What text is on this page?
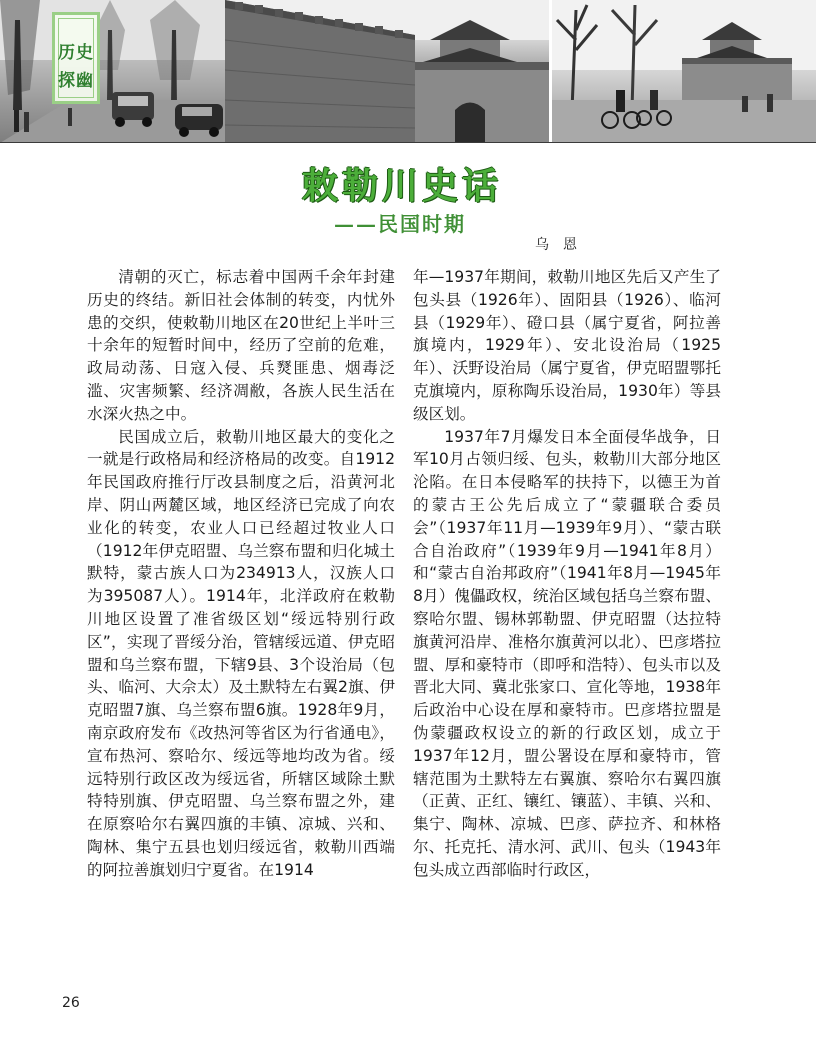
历史
探幽
敕勒川史话
——民国时期
乌恩

清朝的灭亡，标志着中国两千余年封建历史的终结。新旧社会体制的转变，内忧外患的交织，使敕勒川地区在20世纪上半叶三十余年的短暂时间中，经历了空前的危难，政局动荡、日寇入侵、兵燹匪患、烟毒泛滥、灾害频繁、经济凋敝，各族人民生活在水深火热之中。

民国成立后，敕勒川地区最大的变化之一就是行政格局和经济格局的改变。自1912年民国政府推行厅改县制度之后，沿黄河北岸、阴山两麓区域，地区经济已完成了向农业化的转变，农业人口已经超过牧业人口（1912年伊克昭盟、乌兰察布盟和归化城土默特，蒙古族人口为234913人，汉族人口为395087人）。1914年，北洋政府在敕勒川地区设置了准省级区划“绥远特别行政区”，实现了晋绥分治，管辖绥远道、伊克昭盟和乌兰察布盟，下辖9县、3个设治局（包头、临河、大佘太）及土默特左右翼2旗、伊克昭盟7旗、乌兰察布盟6旗。1928年9月，南京政府发布《改热河等省区为行省通电》，宣布热河、察哈尔、绥远等地均改为省。绥远特别行政区改为绥远省，所辖区域除土默特特别旗、伊克昭盟、乌兰察布盟之外，建在原察哈尔右翼四旗的丰镇、凉城、兴和、陶林、集宁五县也划归绥远省，敕勒川西端的阿拉善旗划归宁夏省。在1914

年—1937年期间，敕勒川地区先后又产生了包头县（1926年）、固阳县（1926）、临河县（1929年）、磴口县（属宁夏省，阿拉善旗境内，1929年）、安北设治局（1925年）、沃野设治局（属宁夏省，伊克昭盟鄂托克旗境内，原称陶乐设治局，1930年）等县级区划。

1937年7月爆发日本全面侵华战争，日军10月占领归绥、包头，敕勒川大部分地区沦陷。在日本侵略军的扶持下，以德王为首的蒙古王公先后成立了“蒙疆联合委员会”（1937年11月—1939年9月）、“蒙古联合自治政府”（1939年9月—1941年8月）和“蒙古自治邦政府”（1941年8月—1945年8月）傀儡政权，统治区域包括乌兰察布盟、察哈尔盟、锡林郭勒盟、伊克昭盟（达拉特旗黄河沿岸、准格尔旗黄河以北）、巴彦塔拉盟、厚和豪特市（即呼和浩特）、包头市以及晋北大同、冀北张家口、宣化等地，1938年后政治中心设在厚和豪特市。巴彦塔拉盟是伪蒙疆政权设立的新的行政区划，成立于1937年12月，盟公署设在厚和豪特市，管辖范围为土默特左右翼旗、察哈尔右翼四旗（正黄、正红、镶红、镶蓝）、丰镇、兴和、集宁、陶林、凉城、巴彦、萨拉齐、和林格尔、托克托、清水河、武川、包头（1943年包头成立西部临时行政区，

26
